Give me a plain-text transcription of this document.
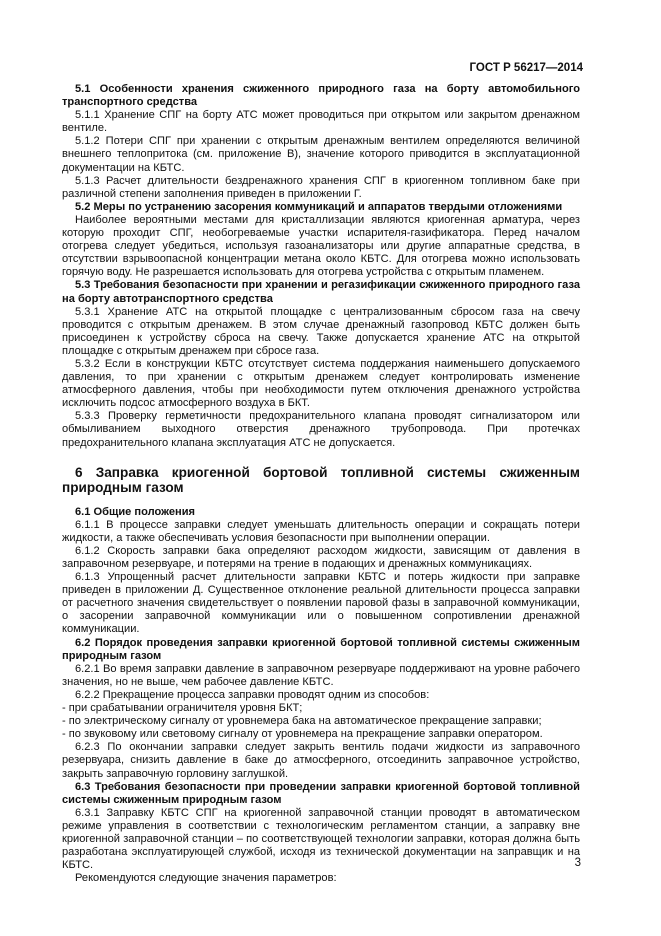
ГОСТ Р 56217—2014
5.1 Особенности хранения сжиженного природного газа на борту автомобильного транспортного средства
5.1.1 Хранение СПГ на борту АТС может проводиться при открытом или закрытом дренажном вентиле.
5.1.2 Потери СПГ при хранении с открытым дренажным вентилем определяются величиной внешнего теплопритока (см. приложение В), значение которого приводится в эксплуатационной документации на КБТС.
5.1.3 Расчет длительности бездренажного хранения СПГ в криогенном топливном баке при различной степени заполнения приведен в приложении Г.
5.2 Меры по устранению засорения коммуникаций и аппаратов твердыми отложениями
Наиболее вероятными местами для кристаллизации являются криогенная арматура, через которую проходит СПГ, необогреваемые участки испарителя-газификатора. Перед началом отогрева следует убедиться, используя газоанализаторы или другие аппаратные средства, в отсутствии взрывоопасной концентрации метана около КБТС. Для отогрева можно использовать горячую воду. Не разрешается использовать для отогрева устройства с открытым пламенем.
5.3 Требования безопасности при хранении и регазификации сжиженного природного газа на борту автотранспортного средства
5.3.1 Хранение АТС на открытой площадке с централизованным сбросом газа на свечу проводится с открытым дренажем. В этом случае дренажный газопровод КБТС должен быть присоединен к устройству сброса на свечу. Также допускается хранение АТС на открытой площадке с открытым дренажем при сбросе газа.
5.3.2 Если в конструкции КБТС отсутствует система поддержания наименьшего допускаемого давления, то при хранении с открытым дренажем следует контролировать изменение атмосферного давления, чтобы при необходимости путем отключения дренажного устройства исключить подсос атмосферного воздуха в БКТ.
5.3.3 Проверку герметичности предохранительного клапана проводят сигнализатором или обмыливанием выходного отверстия дренажного трубопровода. При протечках предохранительного клапана эксплуатация АТС не допускается.
6 Заправка криогенной бортовой топливной системы сжиженным природным газом
6.1 Общие положения
6.1.1 В процессе заправки следует уменьшать длительность операции и сокращать потери жидкости, а также обеспечивать условия безопасности при выполнении операции.
6.1.2 Скорость заправки бака определяют расходом жидкости, зависящим от давления в заправочном резервуаре, и потерями на трение в подающих и дренажных коммуникациях.
6.1.3 Упрощенный расчет длительности заправки КБТС и потерь жидкости при заправке приведен в приложении Д. Существенное отклонение реальной длительности процесса заправки от расчетного значения свидетельствует о появлении паровой фазы в заправочной коммуникации, о засорении заправочной коммуникации или о повышенном сопротивлении дренажной коммуникации.
6.2 Порядок проведения заправки криогенной бортовой топливной системы сжиженным природным газом
6.2.1 Во время заправки давление в заправочном резервуаре поддерживают на уровне рабочего значения, но не выше, чем рабочее давление КБТС.
6.2.2 Прекращение процесса заправки проводят одним из способов:
- при срабатывании ограничителя уровня БКТ;
- по электрическому сигналу от уровнемера бака на автоматическое прекращение заправки;
- по звуковому или световому сигналу от уровнемера на прекращение заправки оператором.
6.2.3 По окончании заправки следует закрыть вентиль подачи жидкости из заправочного резервуара, снизить давление в баке до атмосферного, отсоединить заправочное устройство, закрыть заправочную горловину заглушкой.
6.3 Требования безопасности при проведении заправки криогенной бортовой топливной системы сжиженным природным газом
6.3.1 Заправку КБТС СПГ на криогенной заправочной станции проводят в автоматическом режиме управления в соответствии с технологическим регламентом станции, а заправку вне криогенной заправочной станции – по соответствующей технологии заправки, которая должна быть разработана эксплуатирующей службой, исходя из технической документации на заправщик и на КБТС.
Рекомендуются следующие значения параметров:
3
